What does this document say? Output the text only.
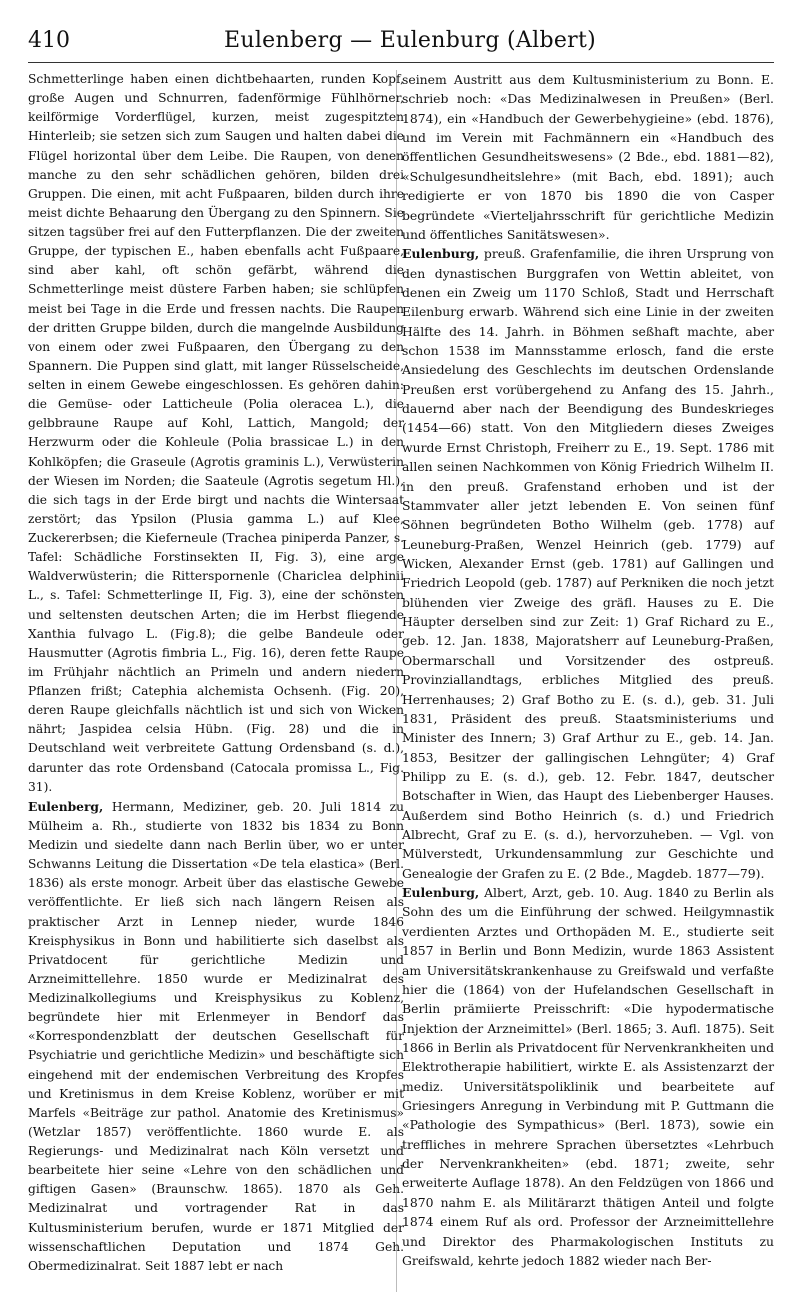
410	Eulenberg — Eulenburg (Albert)

Schmetterlinge haben einen dichtbehaarten, runden Kopf, große Augen und Schnurren, fadenförmige Fühlhörner, keilförmige Vorderflügel, kurzen, meist zugespitzten Hinterleib; sie setzen sich zum Saugen und halten dabei die Flügel horizontal über dem Leibe. Die Raupen, von denen manche zu den sehr schädlichen gehören, bilden drei Gruppen. Die einen, mit acht Fußpaaren, bilden durch ihre meist dichte Behaarung den Übergang zu den Spinnern. Sie sitzen tagsüber frei auf den Futterpflanzen. Die der zweiten Gruppe, der typischen E., haben ebenfalls acht Fußpaare, sind aber kahl, oft schön gefärbt, während die Schmetterlinge meist düstere Farben haben; sie schlüpfen meist bei Tage in die Erde und fressen nachts. Die Raupen der dritten Gruppe bilden, durch die mangelnde Ausbildung von einem oder zwei Fußpaaren, den Übergang zu den Spannern. Die Puppen sind glatt, mit langer Rüsselscheide, selten in einem Gewebe eingeschlossen. Es gehören dahin: die Gemüse- oder Latticheule (Polia oleracea L.), die gelbbraune Raupe auf Kohl, Lattich, Mangold; der Herzwurm oder die Kohleule (Polia brassicae L.) in den Kohlköpfen; die Graseule (Agrotis graminis L.), Verwüsterin der Wiesen im Norden; die Saateule (Agrotis segetum Hl.), die sich tags in der Erde birgt und nachts die Wintersaat zerstört; das Ypsilon (Plusia gamma L.) auf Klee, Zuckererbsen; die Kieferneule (Trachea piniperda Panzer, s. Tafel: Schädliche Forstinsekten II, Fig. 3), eine arge Waldverwüsterin; die Ritterspornenle (Chariclea delphinii L., s. Tafel: Schmetterlinge II, Fig. 3), eine der schönsten und seltensten deutschen Arten; die im Herbst fliegende Xanthia fulvago L. (Fig.8); die gelbe Bandeule oder Hausmutter (Agrotis fimbria L., Fig. 16), deren fette Raupe im Frühjahr nächtlich an Primeln und andern niedern Pflanzen frißt; Catephia alchemista Ochsenh. (Fig. 20), deren Raupe gleichfalls nächtlich ist und sich von Wicken nährt; Jaspidea celsia Hübn. (Fig. 28) und die in Deutschland weit verbreitete Gattung Ordensband (s. d.), darunter das rote Ordensband (Catocala promissa L., Fig. 31).

Eulenberg, Hermann, Mediziner, geb. 20. Juli 1814 zu Mülheim a. Rh., studierte von 1832 bis 1834 zu Bonn Medizin und siedelte dann nach Berlin über, wo er unter Schwanns Leitung die Dissertation «De tela elastica» (Berl. 1836) als erste monogr. Arbeit über das elastische Gewebe veröffentlichte. Er ließ sich nach längern Reisen als praktischer Arzt in Lennep nieder, wurde 1846 Kreisphysikus in Bonn und habilitierte sich daselbst als Privatdocent für gerichtliche Medizin und Arzneimittellehre. 1850 wurde er Medizinalrat des Medizinalkollegiums und Kreisphysikus zu Koblenz, begründete hier mit Erlenmeyer in Bendorf das «Korrespondenzblatt der deutschen Gesellschaft für Psychiatrie und gerichtliche Medizin» und beschäftigte sich eingehend mit der endemischen Verbreitung des Kropfes und Kretinismus in dem Kreise Koblenz, worüber er mit Marfels «Beiträge zur pathol. Anatomie des Kretinismus» (Wetzlar 1857) veröffentlichte. 1860 wurde E. als Regierungs- und Medizinalrat nach Köln versetzt und bearbeitete hier seine «Lehre von den schädlichen und giftigen Gasen» (Braunschw. 1865). 1870 als Geh. Medizinalrat und vortragender Rat in das Kultusministerium berufen, wurde er 1871 Mitglied der wissenschaftlichen Deputation und 1874 Geh. Obermedizinalrat. Seit 1887 lebt er nach

seinem Austritt aus dem Kultusministerium zu Bonn. E. schrieb noch: «Das Medizinalwesen in Preußen» (Berl. 1874), ein «Handbuch der Gewerbehygieine» (ebd. 1876), und im Verein mit Fachmännern ein «Handbuch des öffentlichen Gesundheitswesens» (2 Bde., ebd. 1881—82), «Schulgesundheitslehre» (mit Bach, ebd. 1891); auch redigierte er von 1870 bis 1890 die von Casper begründete «Vierteljahrsschrift für gerichtliche Medizin und öffentliches Sanitätswesen».

Eulenburg, preuß. Grafenfamilie, die ihren Ursprung von den dynastischen Burggrafen von Wettin ableitet, von denen ein Zweig um 1170 Schloß, Stadt und Herrschaft Eilenburg erwarb. Während sich eine Linie in der zweiten Hälfte des 14. Jahrh. in Böhmen seßhaft machte, aber schon 1538 im Mannsstamme erlosch, fand die erste Ansiedelung des Geschlechts im deutschen Ordenslande Preußen erst vorübergehend zu Anfang des 15. Jahrh., dauernd aber nach der Beendigung des Bundeskrieges (1454—66) statt. Von den Mitgliedern dieses Zweiges wurde Ernst Christoph, Freiherr zu E., 19. Sept. 1786 mit allen seinen Nachkommen von König Friedrich Wilhelm II. in den preuß. Grafenstand erhoben und ist der Stammvater aller jetzt lebenden E. Von seinen fünf Söhnen begründeten Botho Wilhelm (geb. 1778) auf Leuneburg-Praßen, Wenzel Heinrich (geb. 1779) auf Wicken, Alexander Ernst (geb. 1781) auf Gallingen und Friedrich Leopold (geb. 1787) auf Perkniken die noch jetzt blühenden vier Zweige des gräfl. Hauses zu E. Die Häupter derselben sind zur Zeit: 1) Graf Richard zu E., geb. 12. Jan. 1838, Majoratsherr auf Leuneburg-Praßen, Obermarschall und Vorsitzender des ostpreuß. Provinziallandtags, erbliches Mitglied des preuß. Herrenhauses; 2) Graf Botho zu E. (s. d.), geb. 31. Juli 1831, Präsident des preuß. Staatsministeriums und Minister des Innern; 3) Graf Arthur zu E., geb. 14. Jan. 1853, Besitzer der gallingischen Lehngüter; 4) Graf Philipp zu E. (s. d.), geb. 12. Febr. 1847, deutscher Botschafter in Wien, das Haupt des Liebenberger Hauses. Außerdem sind Botho Heinrich (s. d.) und Friedrich Albrecht, Graf zu E. (s. d.), hervorzuheben. — Vgl. von Mülverstedt, Urkundensammlung zur Geschichte und Genealogie der Grafen zu E. (2 Bde., Magdeb. 1877—79).

Eulenburg, Albert, Arzt, geb. 10. Aug. 1840 zu Berlin als Sohn des um die Einführung der schwed. Heilgymnastik verdienten Arztes und Orthopäden M. E., studierte seit 1857 in Berlin und Bonn Medizin, wurde 1863 Assistent am Universitätskrankenhause zu Greifswald und verfaßte hier die (1864) von der Hufelandschen Gesellschaft in Berlin prämiierte Preisschrift: «Die hypodermatische Injektion der Arzneimittel» (Berl. 1865; 3. Aufl. 1875). Seit 1866 in Berlin als Privatdocent für Nervenkrankheiten und Elektrotherapie habilitiert, wirkte E. als Assistenzarzt der mediz. Universitätspoliklinik und bearbeitete auf Griesingers Anregung in Verbindung mit P. Guttmann die «Pathologie des Sympathicus» (Berl. 1873), sowie ein treffliches in mehrere Sprachen übersetztes «Lehrbuch der Nervenkrankheiten» (ebd. 1871; zweite, sehr erweiterte Auflage 1878). An den Feldzügen von 1866 und 1870 nahm E. als Militärarzt thätigen Anteil und folgte 1874 einem Ruf als ord. Professor der Arzneimittellehre und Direktor des Pharmakologischen Instituts zu Greifswald, kehrte jedoch 1882 wieder nach Ber-
